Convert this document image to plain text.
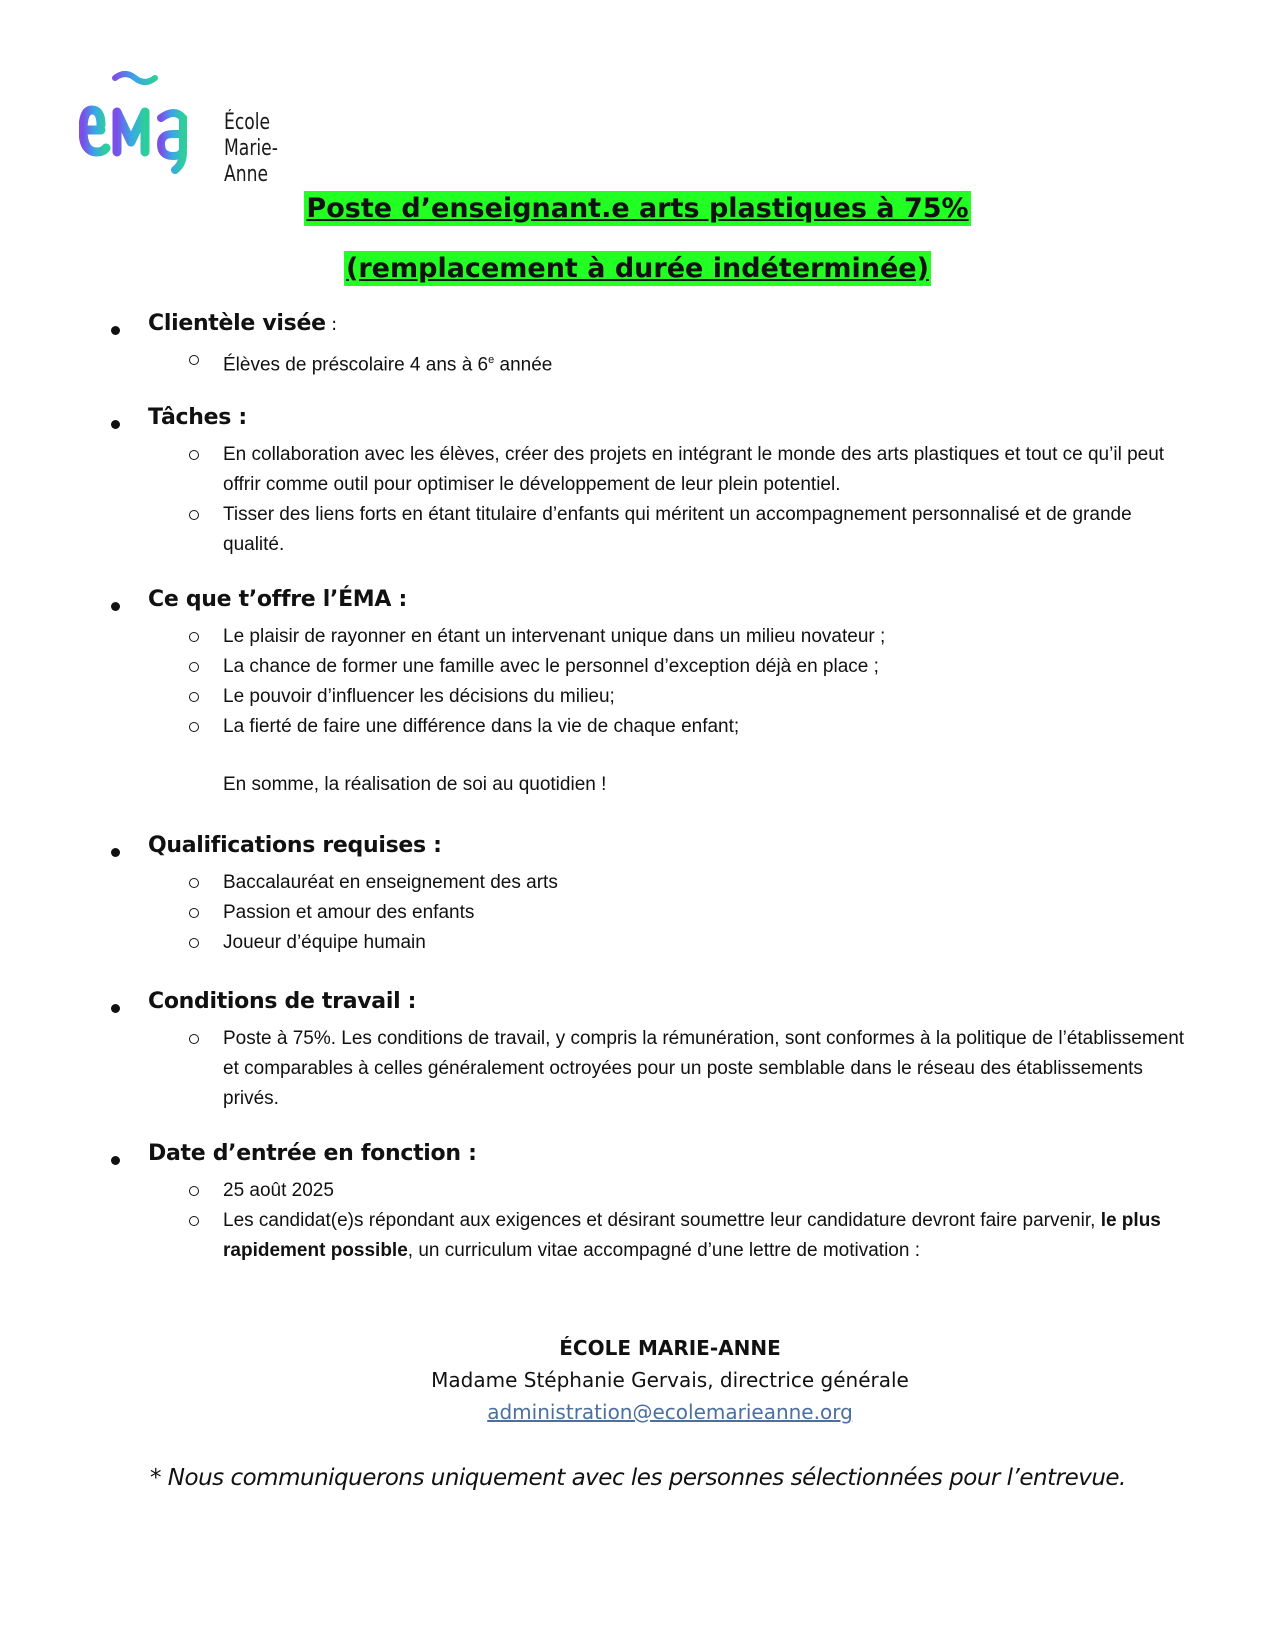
École
Marie-Anne
Poste d’enseignant.e arts plastiques à 75%
(remplacement à durée indéterminée)
Clientèle visée :
Élèves de préscolaire 4 ans à 6e année
Tâches :
En collaboration avec les élèves, créer des projets en intégrant le monde des arts plastiques et tout ce qu’il peut offrir comme outil pour optimiser le développement de leur plein potentiel.
Tisser des liens forts en étant titulaire d’enfants qui méritent un accompagnement personnalisé et de grande qualité.
Ce que t’offre l’ÉMA :
Le plaisir de rayonner en étant un intervenant unique dans un milieu novateur ;
La chance de former une famille avec le personnel d’exception déjà en place ;
Le pouvoir d’influencer les décisions du milieu;
La fierté de faire une différence dans la vie de chaque enfant;
En somme, la réalisation de soi au quotidien !
Qualifications requises :
Baccalauréat en enseignement des arts
Passion et amour des enfants
Joueur d’équipe humain
Conditions de travail :
Poste à 75%. Les conditions de travail, y compris la rémunération, sont conformes à la politique de l’établissement et comparables à celles généralement octroyées pour un poste semblable dans le réseau des établissements privés.
Date d’entrée en fonction :
25 août 2025
Les candidat(e)s répondant aux exigences et désirant soumettre leur candidature devront faire parvenir, le plus rapidement possible, un curriculum vitae accompagné d’une lettre de motivation :
ÉCOLE MARIE-ANNE
Madame Stéphanie Gervais, directrice générale
administration@ecolemarieanne.org
* Nous communiquerons uniquement avec les personnes sélectionnées pour l’entrevue.
